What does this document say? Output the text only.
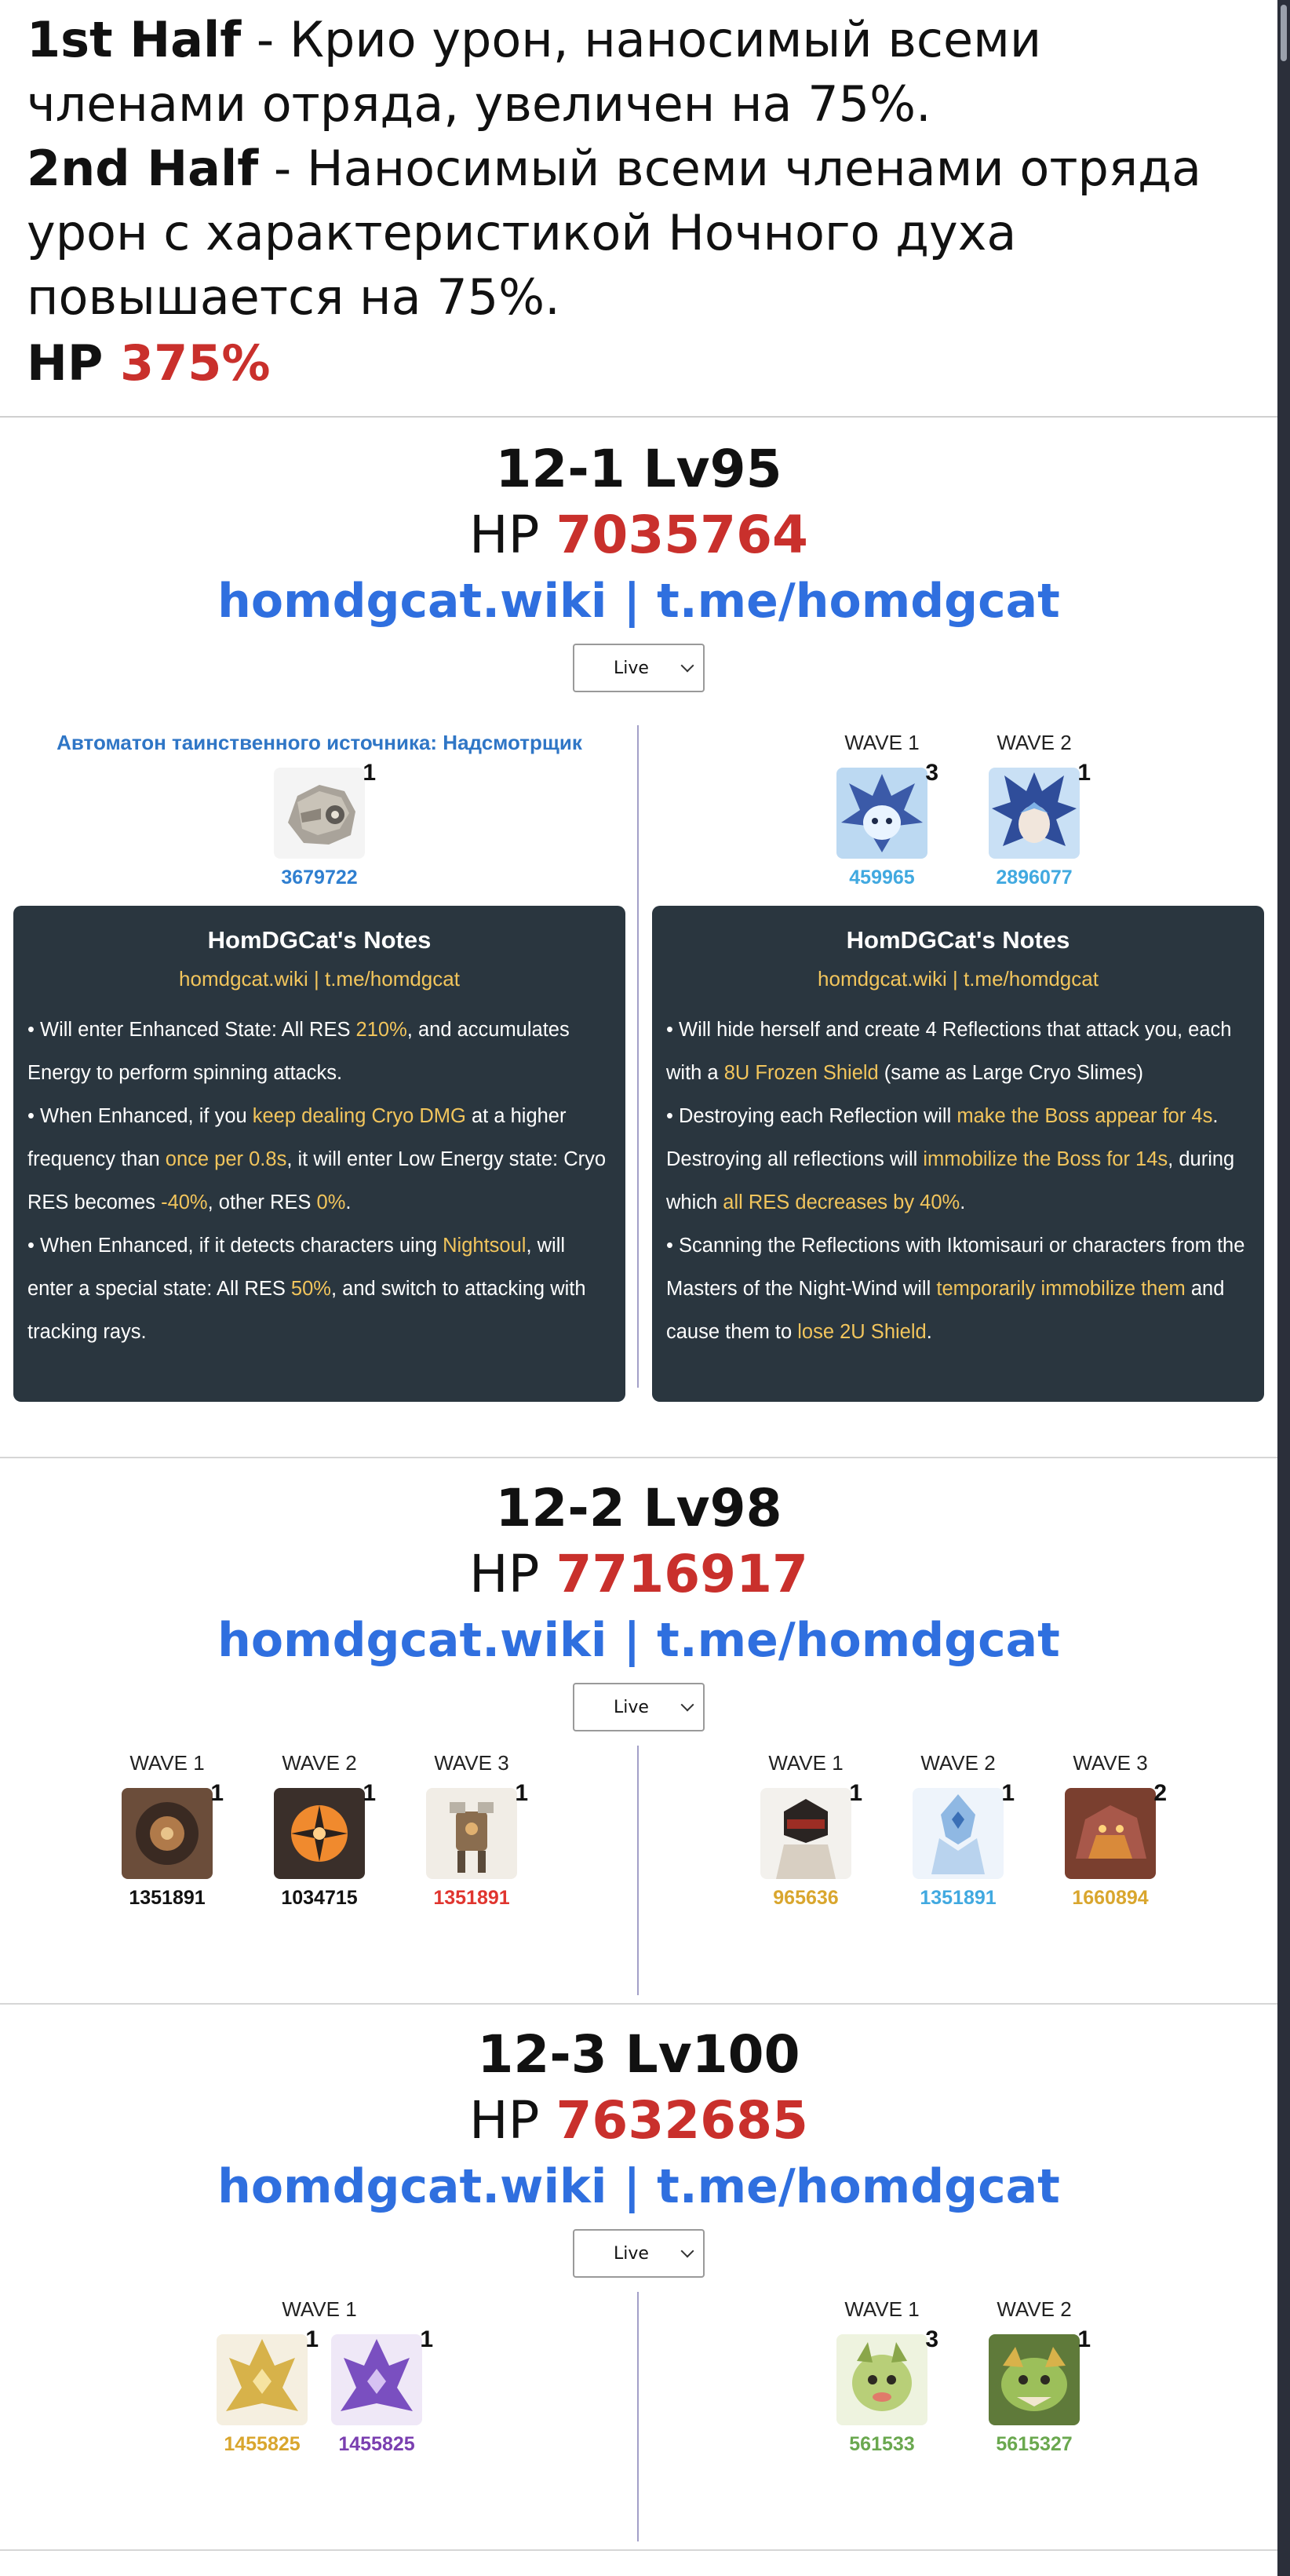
1st Half - Крио урон, наносимый всеми членами отряда, увеличен на 75%.
2nd Half - Наносимый всеми членами отряда урон с характеристикой Ночного духа повышается на 75%.
HP 375%
12-1 Lv95
HP 7035764
homdgcat.wiki | t.me/homdgcat
Live
Автоматон таинственного источника: Надсмотрщик
1
3679722
HomDGCat's Notes
homdgcat.wiki | t.me/homdgcat
• Will enter Enhanced State: All RES 210%, and accumulates Energy to perform spinning attacks.
• When Enhanced, if you keep dealing Cryo DMG at a higher frequency than once per 0.8s, it will enter Low Energy state: Cryo RES becomes -40%, other RES 0%.
• When Enhanced, if it detects characters uing Nightsoul, will enter a special state: All RES 50%, and switch to attacking with tracking rays.
WAVE 1
3
459965
WAVE 2
1
2896077
HomDGCat's Notes
homdgcat.wiki | t.me/homdgcat
• Will hide herself and create 4 Reflections that attack you, each with a 8U Frozen Shield (same as Large Cryo Slimes)
• Destroying each Reflection will make the Boss appear for 4s. Destroying all reflections will immobilize the Boss for 14s, during which all RES decreases by 40%.
• Scanning the Reflections with Iktomisauri or characters from the Masters of the Night-Wind will temporarily immobilize them and cause them to lose 2U Shield.
12-2 Lv98
HP 7716917
homdgcat.wiki | t.me/homdgcat
Live
WAVE 1
1
1351891
WAVE 2
1
1034715
WAVE 3
1
1351891
WAVE 1
1
965636
WAVE 2
1
1351891
WAVE 3
2
1660894
12-3 Lv100
HP 7632685
homdgcat.wiki | t.me/homdgcat
Live
WAVE 1
1
1455825
1
1455825
WAVE 1
3
561533
WAVE 2
1
5615327
